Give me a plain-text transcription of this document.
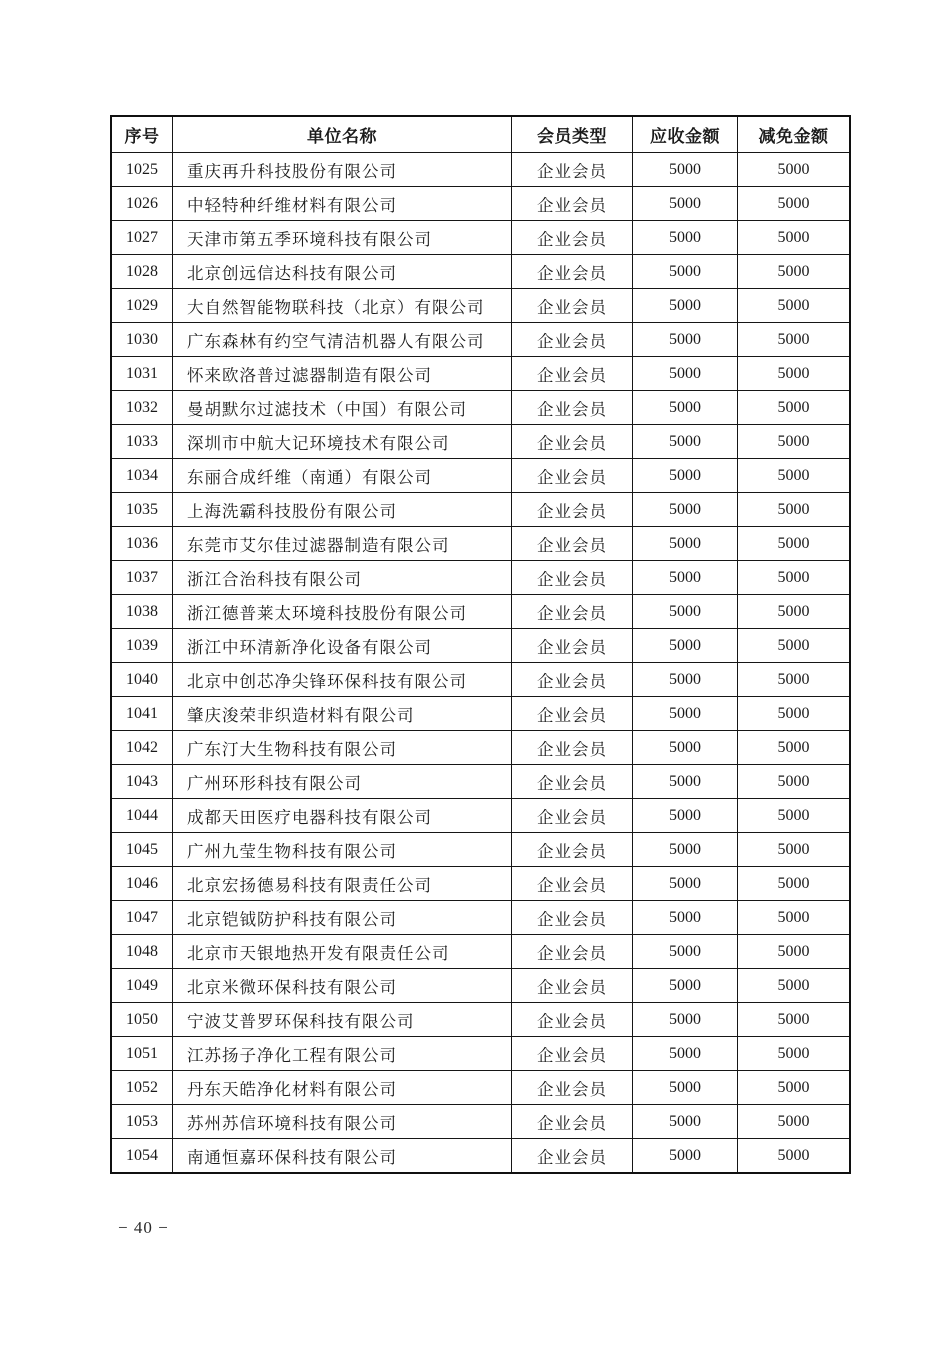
序号	单位名称	会员类型	应收金额	减免金额
1025	重庆再升科技股份有限公司	企业会员	5000	5000
1026	中轻特种纤维材料有限公司	企业会员	5000	5000
1027	天津市第五季环境科技有限公司	企业会员	5000	5000
1028	北京创远信达科技有限公司	企业会员	5000	5000
1029	大自然智能物联科技（北京）有限公司	企业会员	5000	5000
1030	广东森林有约空气清洁机器人有限公司	企业会员	5000	5000
1031	怀来欧洛普过滤器制造有限公司	企业会员	5000	5000
1032	曼胡默尔过滤技术（中国）有限公司	企业会员	5000	5000
1033	深圳市中航大记环境技术有限公司	企业会员	5000	5000
1034	东丽合成纤维（南通）有限公司	企业会员	5000	5000
1035	上海洗霸科技股份有限公司	企业会员	5000	5000
1036	东莞市艾尔佳过滤器制造有限公司	企业会员	5000	5000
1037	浙江合治科技有限公司	企业会员	5000	5000
1038	浙江德普莱太环境科技股份有限公司	企业会员	5000	5000
1039	浙江中环清新净化设备有限公司	企业会员	5000	5000
1040	北京中创芯净尖锋环保科技有限公司	企业会员	5000	5000
1041	肇庆浚荣非织造材料有限公司	企业会员	5000	5000
1042	广东汀大生物科技有限公司	企业会员	5000	5000
1043	广州环形科技有限公司	企业会员	5000	5000
1044	成都天田医疗电器科技有限公司	企业会员	5000	5000
1045	广州九莹生物科技有限公司	企业会员	5000	5000
1046	北京宏扬德易科技有限责任公司	企业会员	5000	5000
1047	北京铠钺防护科技有限公司	企业会员	5000	5000
1048	北京市天银地热开发有限责任公司	企业会员	5000	5000
1049	北京米微环保科技有限公司	企业会员	5000	5000
1050	宁波艾普罗环保科技有限公司	企业会员	5000	5000
1051	江苏扬子净化工程有限公司	企业会员	5000	5000
1052	丹东天皓净化材料有限公司	企业会员	5000	5000
1053	苏州苏信环境科技有限公司	企业会员	5000	5000
1054	南通恒嘉环保科技有限公司	企业会员	5000	5000
− 40 −
